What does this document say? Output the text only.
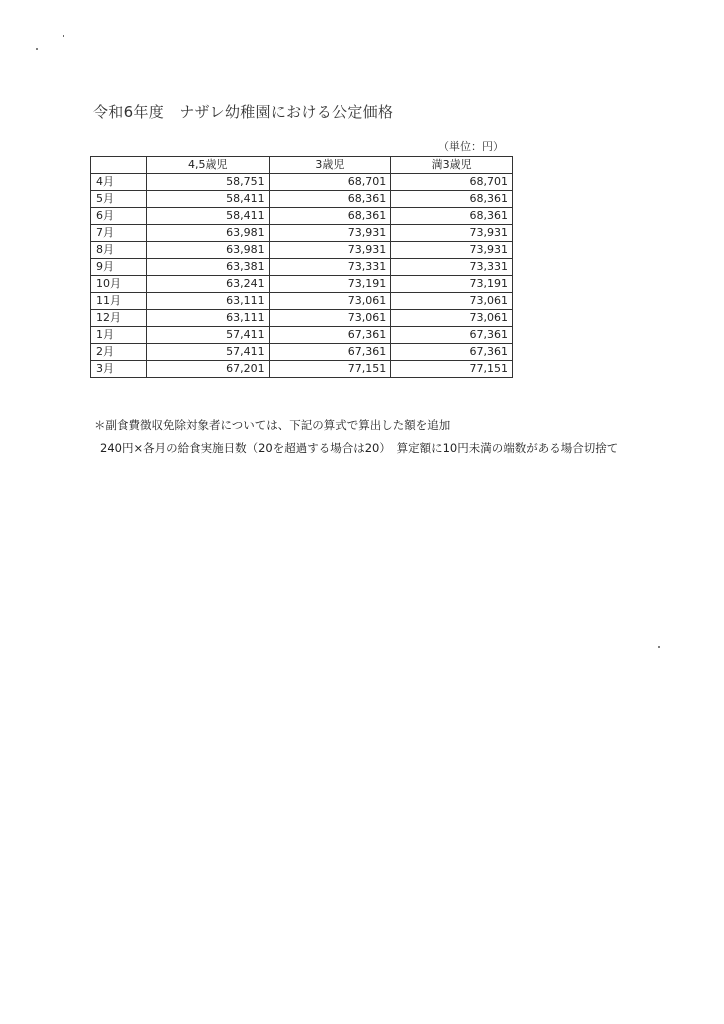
令和6年度　ナザレ幼稚園における公定価格
（単位：円）
	4,5歳児	3歳児	満3歳児
4月	58,751	68,701	68,701
5月	58,411	68,361	68,361
6月	58,411	68,361	68,361
7月	63,981	73,931	73,931
8月	63,981	73,931	73,931
9月	63,381	73,331	73,331
10月	63,241	73,191	73,191
11月	63,111	73,061	73,061
12月	63,111	73,061	73,061
1月	57,411	67,361	67,361
2月	57,411	67,361	67,361
3月	67,201	77,151	77,151
＊副食費徴収免除対象者については、下記の算式で算出した額を追加
240円×各月の給食実施日数（20を超過する場合は20）　算定額に10円未満の端数がある場合切捨て
